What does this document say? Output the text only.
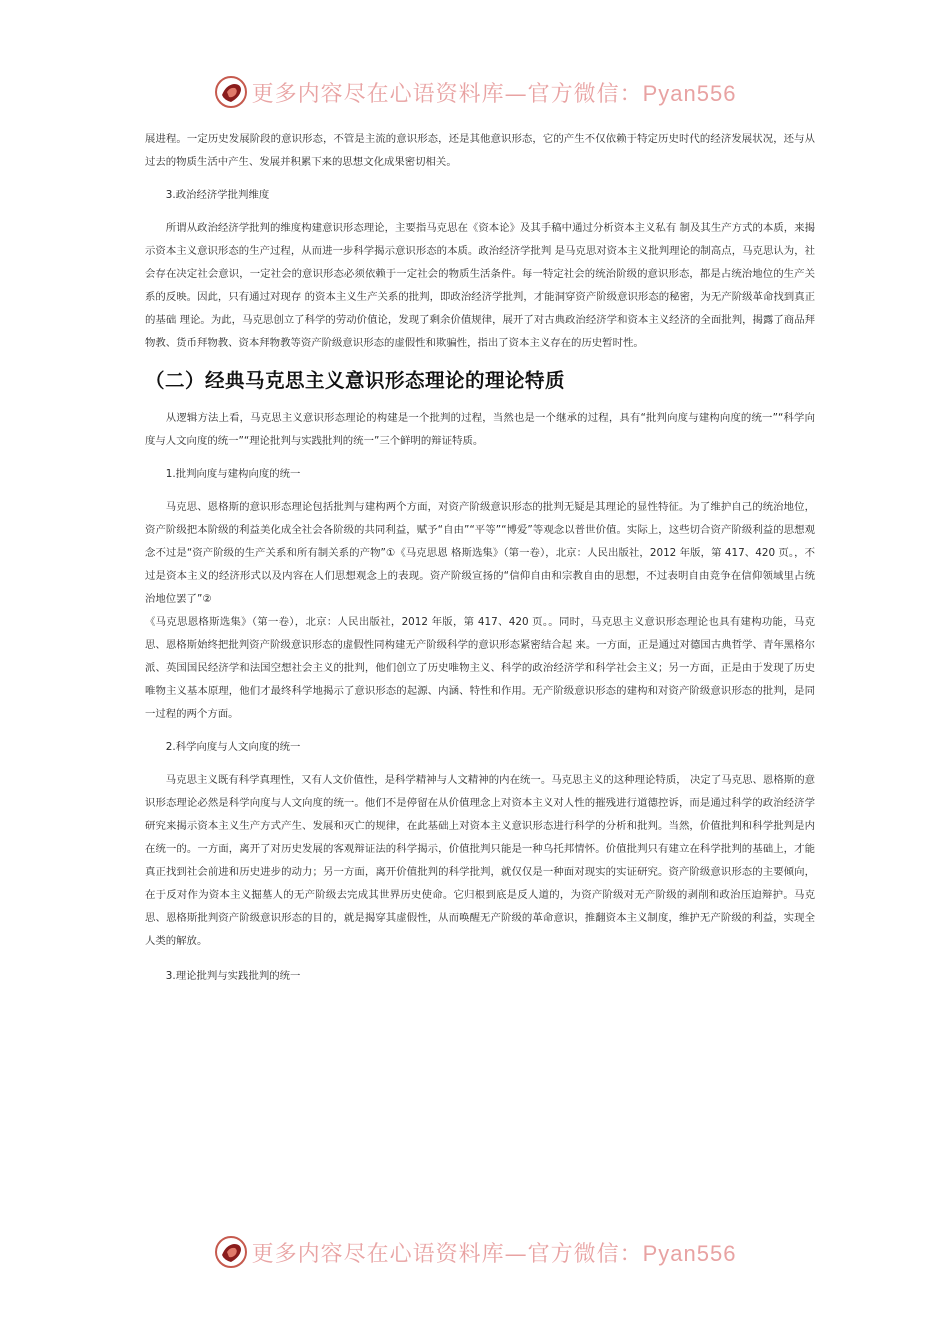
更多内容尽在心语资料库—官方微信：Pyan556

展进程。一定历史发展阶段的意识形态，不管是主流的意识形态，还是其他意识形态，它的产生不仅依赖于特定历史时代的经济发展状况，还与从过去的物质生活中产生、发展并积累下来的思想文化成果密切相关。

3.政治经济学批判维度

所谓从政治经济学批判的维度构建意识形态理论，主要指马克思在《资本论》及其手稿中通过分析资本主义私有 制及其生产方式的本质，来揭示资本主义意识形态的生产过程，从而进一步科学揭示意识形态的本质。政治经济学批判 是马克思对资本主义批判理论的制高点，马克思认为，社会存在决定社会意识，一定社会的意识形态必须依赖于一定社会的物质生活条件。每一特定社会的统治阶级的意识形态，都是占统治地位的生产关系的反映。因此，只有通过对现存 的资本主义生产关系的批判，即政治经济学批判，才能洞穿资产阶级意识形态的秘密，为无产阶级革命找到真正的基础 理论。为此，马克思创立了科学的劳动价值论，发现了剩余价值规律，展开了对古典政治经济学和资本主义经济的全面批判，揭露了商品拜物教、货币拜物教、资本拜物教等资产阶级意识形态的虚假性和欺骗性，指出了资本主义存在的历史暂时性。

（二）经典马克思主义意识形态理论的理论特质

从逻辑方法上看，马克思主义意识形态理论的构建是一个批判的过程，当然也是一个继承的过程，具有“批判向度与建构向度的统一”“科学向度与人文向度的统一”“理论批判与实践批判的统一”三个鲜明的辩证特质。

1.批判向度与建构向度的统一

马克思、恩格斯的意识形态理论包括批判与建构两个方面，对资产阶级意识形态的批判无疑是其理论的显性特征。为了维护自己的统治地位，资产阶级把本阶级的利益美化成全社会各阶级的共同利益，赋予“自由”“平等”“博爱”等观念以普世价值。实际上，这些切合资产阶级利益的思想观念不过是“资产阶级的生产关系和所有制关系的产物”①《马克思恩 格斯选集》（第一卷），北京：人民出版社，2012 年版，第 417、420 页。，不过是资本主义的经济形式以及内容在人们思想观念上的表现。资产阶级宣扬的“信仰自由和宗教自由的思想，不过表明自由竞争在信仰领域里占统治地位罢了”②

《马克思恩格斯选集》（第一卷），北京：人民出版社，2012 年版，第 417、420 页。。同时，马克思主义意识形态理论也具有建构功能，马克思、恩格斯始终把批判资产阶级意识形态的虚假性同构建无产阶级科学的意识形态紧密结合起 来。一方面，正是通过对德国古典哲学、青年黑格尔派、英国国民经济学和法国空想社会主义的批判，他们创立了历史唯物主义、科学的政治经济学和科学社会主义；另一方面，正是由于发现了历史唯物主义基本原理，他们才最终科学地揭示了意识形态的起源、内涵、特性和作用。无产阶级意识形态的建构和对资产阶级意识形态的批判，是同一过程的两个方面。

2.科学向度与人文向度的统一

马克思主义既有科学真理性，又有人文价值性，是科学精神与人文精神的内在统一。马克思主义的这种理论特质， 决定了马克思、恩格斯的意识形态理论必然是科学向度与人文向度的统一。他们不是停留在从价值理念上对资本主义对人性的摧残进行道德控诉，而是通过科学的政治经济学研究来揭示资本主义生产方式产生、发展和灭亡的规律，在此基础上对资本主义意识形态进行科学的分析和批判。当然，价值批判和科学批判是内在统一的。一方面，离开了对历史发展的客观辩证法的科学揭示，价值批判只能是一种乌托邦情怀。价值批判只有建立在科学批判的基础上，才能真正找到社会前进和历史进步的动力；另一方面，离开价值批判的科学批判，就仅仅是一种面对现实的实证研究。资产阶级意识形态的主要倾向，在于反对作为资本主义掘墓人的无产阶级去完成其世界历史使命。它归根到底是反人道的，为资产阶级对无产阶级的剥削和政治压迫辩护。马克思、恩格斯批判资产阶级意识形态的目的，就是揭穿其虚假性，从而唤醒无产阶级的革命意识，推翻资本主义制度，维护无产阶级的利益，实现全人类的解放。

3.理论批判与实践批判的统一

更多内容尽在心语资料库—官方微信：Pyan556
